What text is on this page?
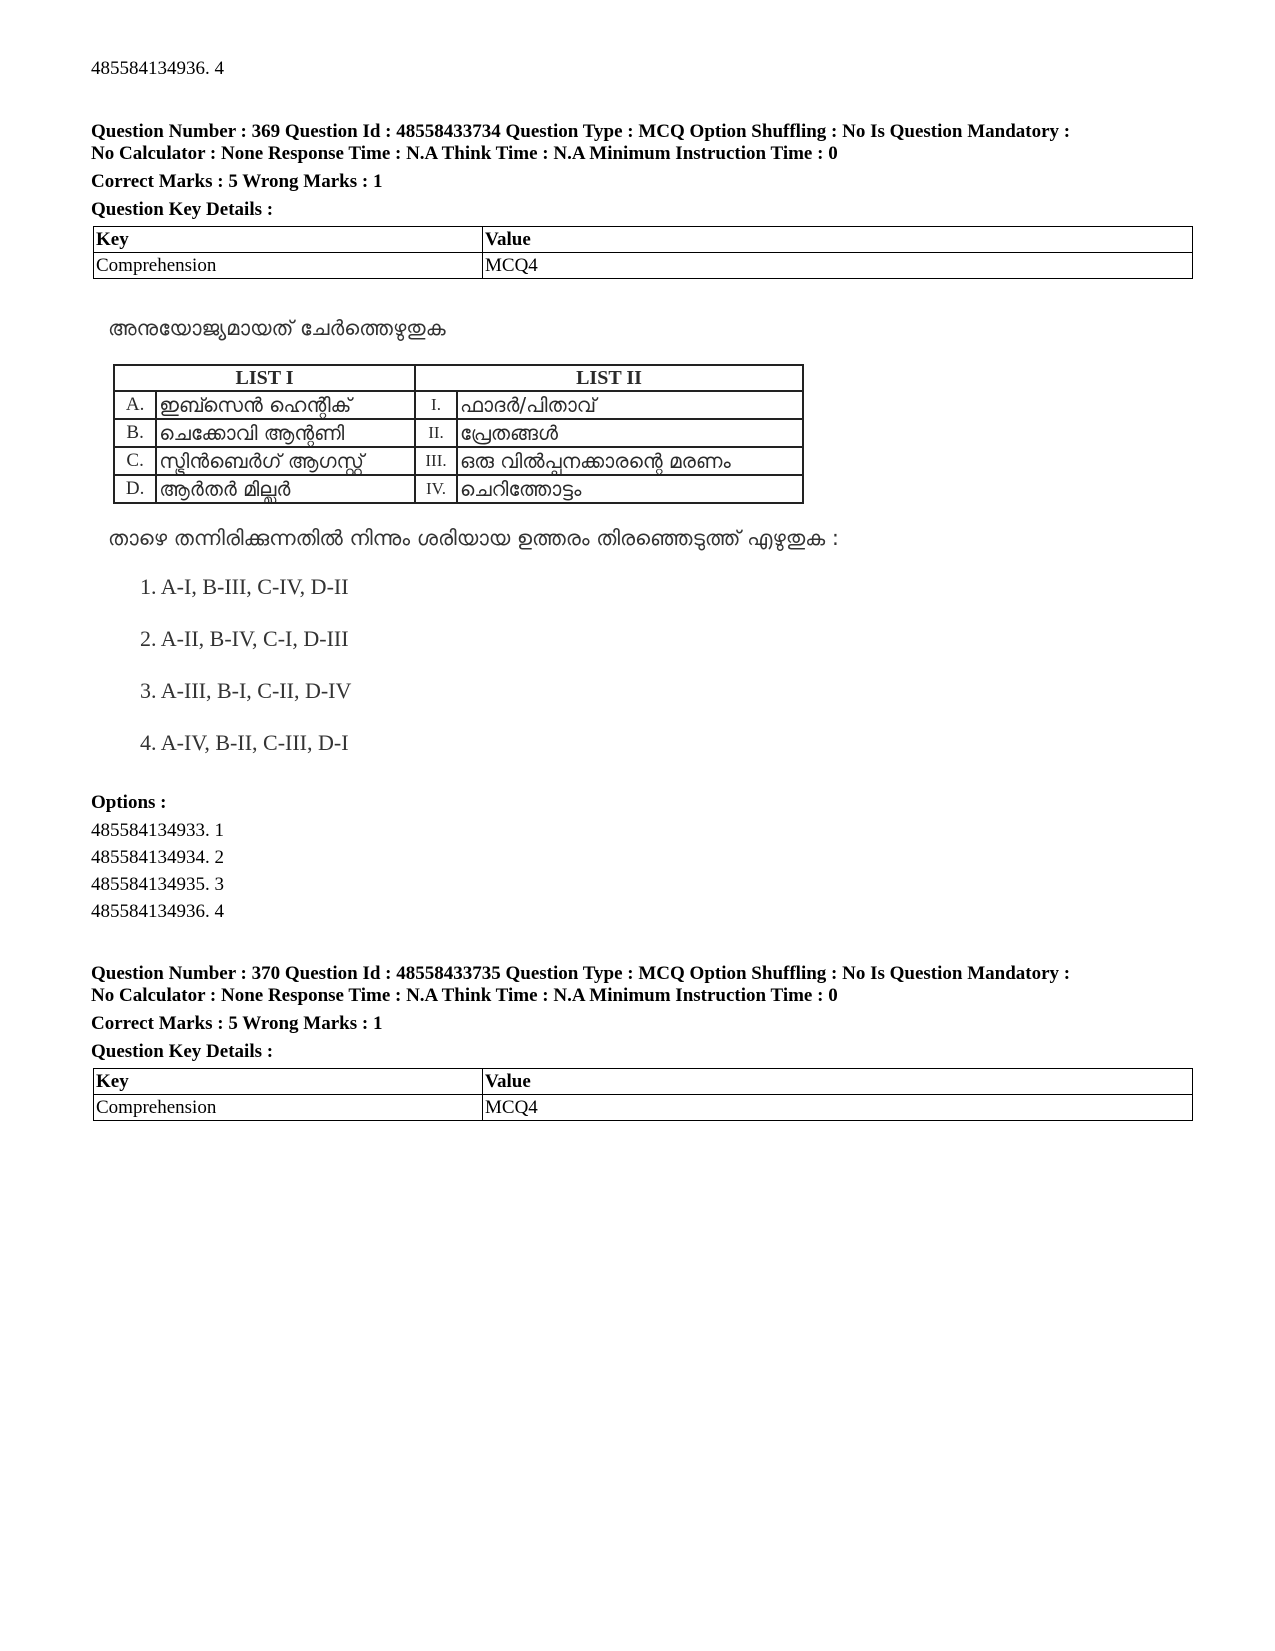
485584134936. 4
Question Number : 369 Question Id : 48558433734 Question Type : MCQ Option Shuffling : No Is Question Mandatory :
No Calculator : None Response Time : N.A Think Time : N.A Minimum Instruction Time : 0
Correct Marks : 5 Wrong Marks : 1
Question Key Details :
Key	Value
Comprehension	MCQ4
അനുയോജ്യമായത് ചേർത്തെഴുതുക
LIST I		LIST II	
A.	ഇബ്സെൻ ഹെന്റിക്	I.	ഫാദർ/പിതാവ്
B.	ചെക്കോവി ആന്റണി	II.	പ്രേതങ്ങൾ
C.	സ്ട്രിൻബെർഗ് ആഗസ്റ്റ്	III.	ഒരു വിൽപ്പനക്കാരന്റെ മരണം
D.	ആർതർ മില്ലർ	IV.	ചെറിത്തോട്ടം
താഴെ തന്നിരിക്കുന്നതിൽ നിന്നും ശരിയായ ഉത്തരം തിരഞ്ഞെടുത്ത് എഴുതുക :
1. A-I, B-III, C-IV, D-II
2. A-II, B-IV, C-I, D-III
3. A-III, B-I, C-II, D-IV
4. A-IV, B-II, C-III, D-I
Options :
485584134933. 1
485584134934. 2
485584134935. 3
485584134936. 4
Question Number : 370 Question Id : 48558433735 Question Type : MCQ Option Shuffling : No Is Question Mandatory :
No Calculator : None Response Time : N.A Think Time : N.A Minimum Instruction Time : 0
Correct Marks : 5 Wrong Marks : 1
Question Key Details :
Key	Value
Comprehension	MCQ4
